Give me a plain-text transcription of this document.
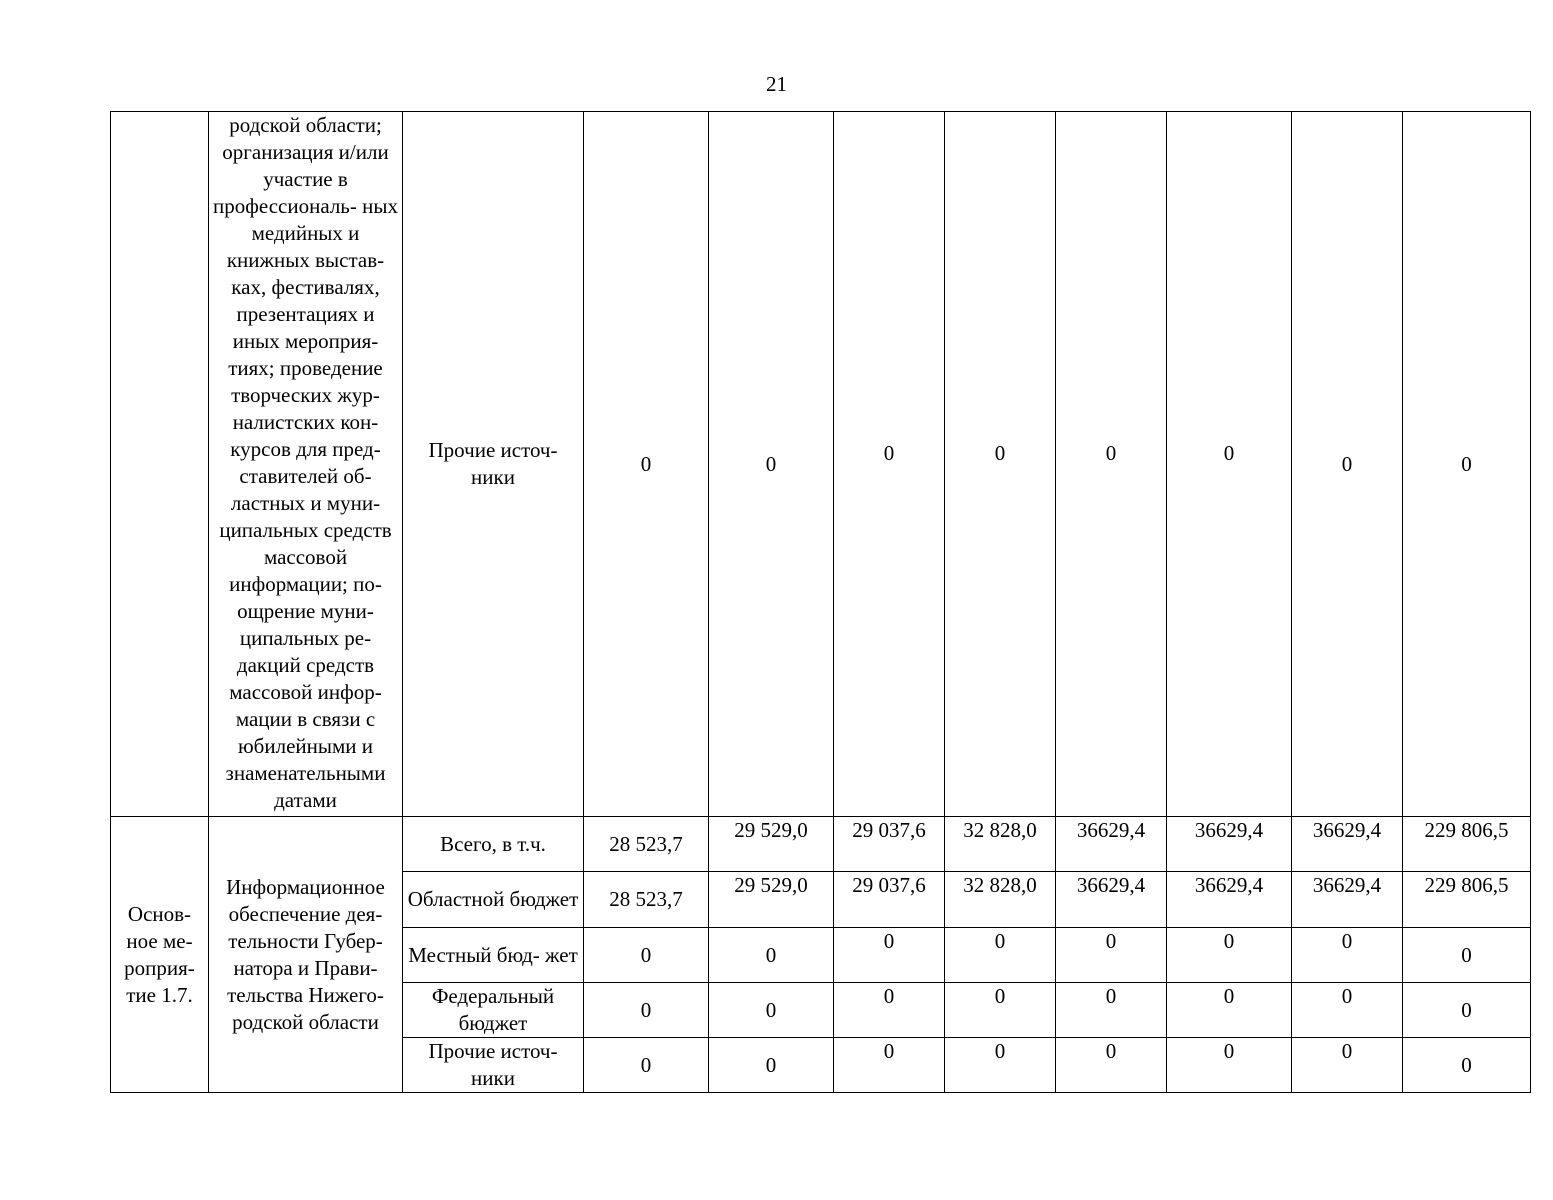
21
	родской области; организация и/или участие в профессиональ- ных медийных и книжных выстав- ках, фестивалях, презентациях и иных мероприя- тиях; проведение творческих жур- налистских кон- курсов для пред- ставителей об- ластных и муни- ципальных средств массовой информации; по- ощрение муни- ципальных ре- дакций средств массовой инфор- мации в связи с юбилейными и знаменательными датами	Прочие источ- ники	0	0	0	0	0	0	0	0
Основ- ное ме- роприя- тие 1.7.	Информационное обеспечение дея- тельности Губер- натора и Прави- тельства Нижего- родской области	Всего, в т.ч.	28 523,7	29 529,0	29 037,6	32 828,0	36629,4	36629,4	36629,4	229 806,5
		Областной бюджет	28 523,7	29 529,0	29 037,6	32 828,0	36629,4	36629,4	36629,4	229 806,5
		Местный бюд- жет	0	0	0	0	0	0	0	0
		Федеральный бюджет	0	0	0	0	0	0	0	0
		Прочие источ- ники	0	0	0	0	0	0	0	0
